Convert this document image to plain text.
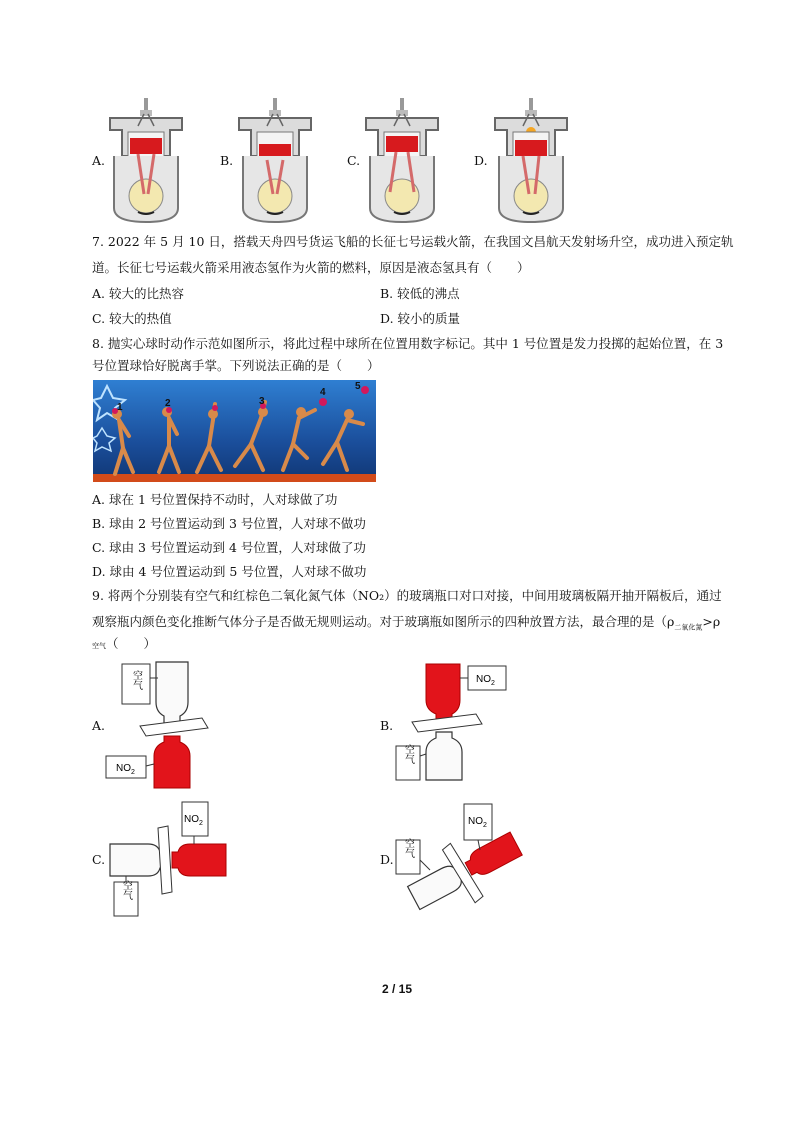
A.	B.	C.	D.
7. 2022 年 5 月 10 日，搭载天舟四号货运飞船的长征七号运载火箭，在我国文昌航天发射场升空，成功进入预定轨
道。长征七号运载火箭采用液态氢作为火箭的燃料，原因是液态氢具有（　　）
A. 较大的比热容	B. 较低的沸点
C. 较大的热值	D. 较小的质量
8. 抛实心球时动作示范如图所示，将此过程中球所在位置用数字标记。其中 1 号位置是发力投掷的起始位置，在 3
号位置球恰好脱离手掌。下列说法正确的是（　　）
1	2	3
4
5
A. 球在 1 号位置保持不动时，人对球做了功
B. 球由 2 号位置运动到 3 号位置，人对球不做功
C. 球由 3 号位置运动到 4 号位置，人对球做了功
D. 球由 4 号位置运动到 5 号位置，人对球不做功
9. 将两个分别装有空气和红棕色二氧化氮气体（NO₂）的玻璃瓶口对口对接，中间用玻璃板隔开抽开隔板后，通过
观察瓶内颜色变化推断气体分子是否做无规则运动。对于玻璃瓶如图所示的四种放置方法，最合理的是（$\rho_{二氧化氮}>\rho$
空气（　　）
A.
空气
$NO_2$
B.
$NO_2$
空气
C.
$NO_2$
空气
D.
$NO_2$
空气
2 / 15
